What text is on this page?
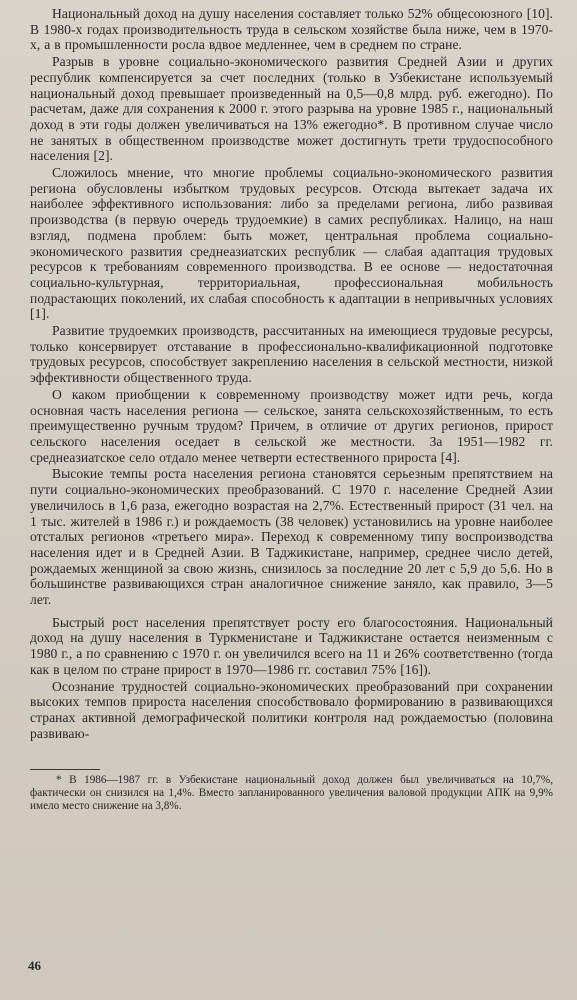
Национальный доход на душу населения составляет только 52% общесоюзного [10]. В 1980-х годах производительность труда в сельском хозяйстве была ниже, чем в 1970-х, а в промышленности росла вдвое медленнее, чем в среднем по стране.

Разрыв в уровне социально-экономического развития Средней Азии и других республик компенсируется за счет последних (только в Узбекистане используемый национальный доход превышает произведенный на 0,5—0,8 млрд. руб. ежегодно). По расчетам, даже для сохранения к 2000 г. этого разрыва на уровне 1985 г., национальный доход в эти годы должен увеличиваться на 13% ежегодно*. В противном случае число не занятых в общественном производстве может достигнуть трети трудоспособного населения [2].

Сложилось мнение, что многие проблемы социально-экономического развития региона обусловлены избытком трудовых ресурсов. Отсюда вытекает задача их наиболее эффективного использования: либо за пределами региона, либо развивая производства (в первую очередь трудоемкие) в самих республиках. Налицо, на наш взгляд, подмена проблем: быть может, центральная проблема социально-экономического развития среднеазиатских республик — слабая адаптация трудовых ресурсов к требованиям современного производства. В ее основе — недостаточная социально-культурная, территориальная, профессиональная мобильность подрастающих поколений, их слабая способность к адаптации в непривычных условиях [1].

Развитие трудоемких производств, рассчитанных на имеющиеся трудовые ресурсы, только консервирует отставание в профессионально-квалификационной подготовке трудовых ресурсов, способствует закреплению населения в сельской местности, низкой эффективности общественного труда.

О каком приобщении к современному производству может идти речь, когда основная часть населения региона — сельское, занята сельскохозяйственным, то есть преимущественно ручным трудом? Причем, в отличие от других регионов, прирост сельского населения оседает в сельской же местности. За 1951—1982 гг. среднеазиатское село отдало менее четверти естественного прироста [4].

Высокие темпы роста населения региона становятся серьезным препятствием на пути социально-экономических преобразований. С 1970 г. население Средней Азии увеличилось в 1,6 раза, ежегодно возрастая на 2,7%. Естественный прирост (31 чел. на 1 тыс. жителей в 1986 г.) и рождаемость (38 человек) установились на уровне наиболее отсталых регионов «третьего мира». Переход к современному типу воспроизводства населения идет и в Средней Азии. В Таджикистане, например, среднее число детей, рождаемых женщиной за свою жизнь, снизилось за последние 20 лет с 5,9 до 5,6. Но в большинстве развивающихся стран аналогичное снижение заняло, как правило, 3—5 лет.

Быстрый рост населения препятствует росту его благосостояния. Национальный доход на душу населения в Туркменистане и Таджикистане остается неизменным с 1980 г., а по сравнению с 1970 г. он увеличился всего на 11 и 26% соответственно (тогда как в целом по стране прирост в 1970—1986 гг. составил 75% [16]).

Осознание трудностей социально-экономических преобразований при сохранении высоких темпов прироста населения способствовало формированию в развивающихся странах активной демографической политики контроля над рождаемостью (половина развиваю-

* В 1986—1987 гг. в Узбекистане национальный доход должен был увеличиваться на 10,7%, фактически он снизился на 1,4%. Вместо запланированного увеличения валовой продукции АПК на 9,9% имело место снижение на 3,8%.

46
